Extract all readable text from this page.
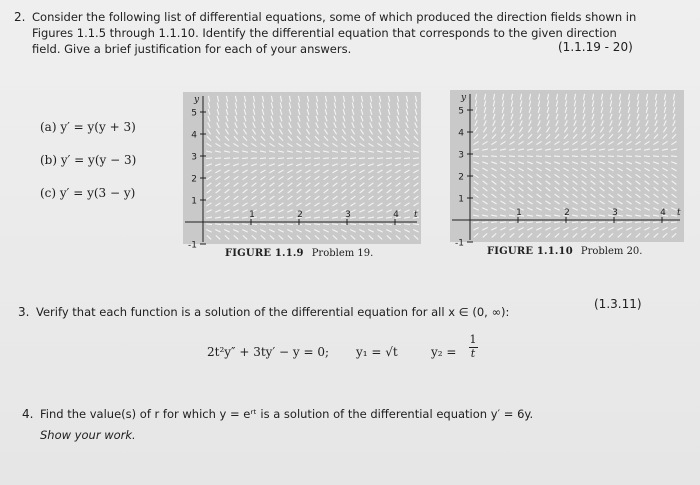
2. Consider the following list of differential equations, some of which produced the direction fields shown in
Figures 1.1.5 through 1.1.10. Identify the differential equation that corresponds to the given direction
field. Give a brief justification for each of your answers.	(1.1.19 - 20)
(a) y′ = y(y + 3)
(b) y′ = y(y − 3)
(c) y′ = y(3 − y)
5
4
3
2
1
-1
1	2	3	4
y
t
FIGURE 1.1.9 Problem 19.
5
4
3
2
1
-1
1	2	3	4
y
t
FIGURE 1.1.10 Problem 20.
3. Verify that each function is a solution of the differential equation for all x ∈ (0, ∞):
(1.3.11)
2t²y″ + 3ty′ − y = 0; y₁ = √t	y₂ =
1
t
4. Find the value(s) of r for which y = eʳᵗ is a solution of the differential equation y′ = 6y.
Show your work.
